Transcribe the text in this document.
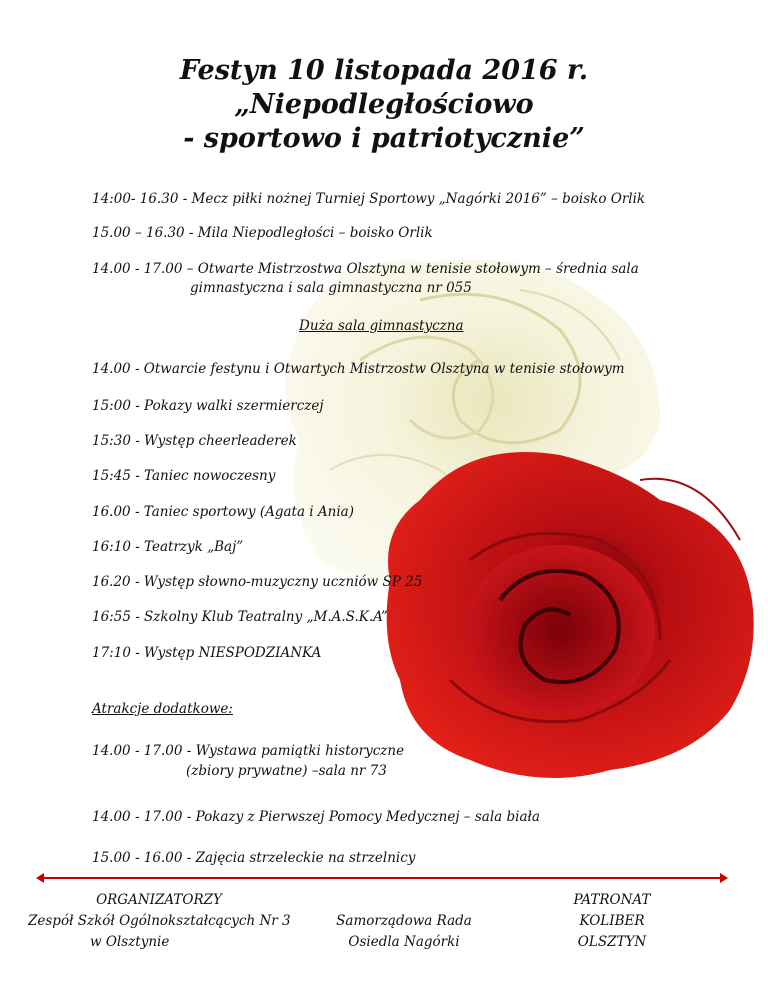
Festyn 10 listopada 2016 r.
„Niepodległościowo
- sportowo i patriotycznie”
14:00- 16.30 - Mecz piłki nożnej Turniej Sportowy „Nagórki 2016” – boisko Orlik
15.00 – 16.30 - Mila Niepodległości – boisko Orlik
14.00 - 17.00 – Otwarte Mistrzostwa Olsztyna w tenisie stołowym – średnia sala
gimnastyczna i sala gimnastyczna nr 055
Duża sala gimnastyczna
14.00 - Otwarcie festynu i Otwartych Mistrzostw Olsztyna w tenisie stołowym
15:00 - Pokazy walki szermierczej
15:30 - Występ cheerleaderek
15:45 - Taniec nowoczesny
16.00 - Taniec sportowy (Agata i Ania)
16:10 - Teatrzyk „Baj”
16.20 - Występ słowno-muzyczny uczniów SP 25
16:55 - Szkolny Klub Teatralny „M.A.S.K.A”
17:10 - Występ NIESPODZIANKA
Atrakcje dodatkowe:
14.00 - 17.00 - Wystawa pamiątki historyczne
(zbiory prywatne) –sala nr 73
14.00 - 17.00 - Pokazy z Pierwszej Pomocy Medycznej – sala biała
15.00 - 16.00 - Zajęcia strzeleckie na strzelnicy
ORGANIZATORZY
Zespół Szkół Ogólnokształcących Nr 3
w Olsztynie
Samorządowa Rada
Osiedla Nagórki
PATRONAT
KOLIBER
OLSZTYN
